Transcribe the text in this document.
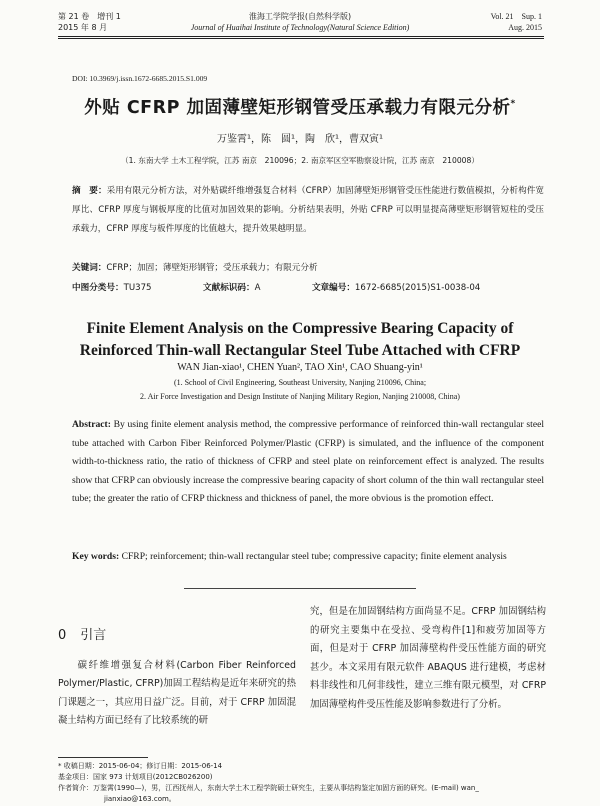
第 21 卷　增刊 1
2015 年 8 月
淮海工学院学报(自然科学版)
Journal of Huaihai Institute of Technology(Natural Science Edition)
Vol. 21　Sup. 1
Aug. 2015
DOI: 10.3969/j.issn.1672-6685.2015.S1.009
外贴 CFRP 加固薄壁矩形钢管受压承载力有限元分析*
万鉴霄¹，陈　圆¹，陶　欣¹，曹双寅¹
（1. 东南大学 土木工程学院，江苏 南京　210096；2. 南京军区空军勘察设计院，江苏 南京　210008）
摘　要：采用有限元分析方法，对外贴碳纤维增强复合材料（CFRP）加固薄壁矩形钢管受压性能进行数值模拟，分析构件宽厚比、CFRP 厚度与钢板厚度的比值对加固效果的影响。分析结果表明，外贴 CFRP 可以明显提高薄壁矩形钢管短柱的受压承载力，CFRP 厚度与板件厚度的比值越大，提升效果越明显。
关键词：CFRP；加固；薄壁矩形钢管；受压承载力；有限元分析
中图分类号：TU375	文献标识码：A	文章编号：1672-6685(2015)S1-0038-04
Finite Element Analysis on the Compressive Bearing Capacity of
Reinforced Thin-wall Rectangular Steel Tube Attached with CFRP
WAN Jian-xiao¹, CHEN Yuan², TAO Xin¹, CAO Shuang-yin¹
(1. School of Civil Engineering, Southeast University, Nanjing 210096, China;
2. Air Force Investigation and Design Institute of Nanjing Military Region, Nanjing 210008, China)
Abstract: By using finite element analysis method, the compressive performance of reinforced thin-wall rectangular steel tube attached with Carbon Fiber Reinforced Polymer/Plastic (CFRP) is simulated, and the influence of the component width-to-thickness ratio, the ratio of thickness of CFRP and steel plate on reinforcement effect is analyzed. The results show that CFRP can obviously increase the compressive bearing capacity of short column of the thin wall rectangular steel tube; the greater the ratio of CFRP thickness and thickness of panel, the more obvious is the promotion effect.
Key words: CFRP; reinforcement; thin-wall rectangular steel tube; compressive capacity; finite element analysis
0 引言
碳纤维增强复合材料(Carbon Fiber Reinforced Polymer/Plastic, CFRP)加固工程结构是近年来研究的热门课题之一，其应用日益广泛。目前，对于 CFRP 加固混凝土结构方面已经有了比较系统的研
究，但是在加固钢结构方面尚显不足。CFRP 加固钢结构的研究主要集中在受拉、受弯构件[1]和疲劳加固等方面，但是对于 CFRP 加固薄壁构件受压性能方面的研究甚少。本文采用有限元软件 ABAQUS 进行建模，考虑材料非线性和几何非线性，建立三维有限元模型，对 CFRP 加固薄壁构件受压性能及影响参数进行了分析。
* 收稿日期：2015-06-04；修订日期：2015-06-14
基金项目：国家 973 计划项目(2012CB026200)
作者简介：万鉴霄(1990—)，男，江西抚州人，东南大学土木工程学院硕士研究生，主要从事结构鉴定加固方面的研究。(E-mail) wan_
jianxiao@163.com。
